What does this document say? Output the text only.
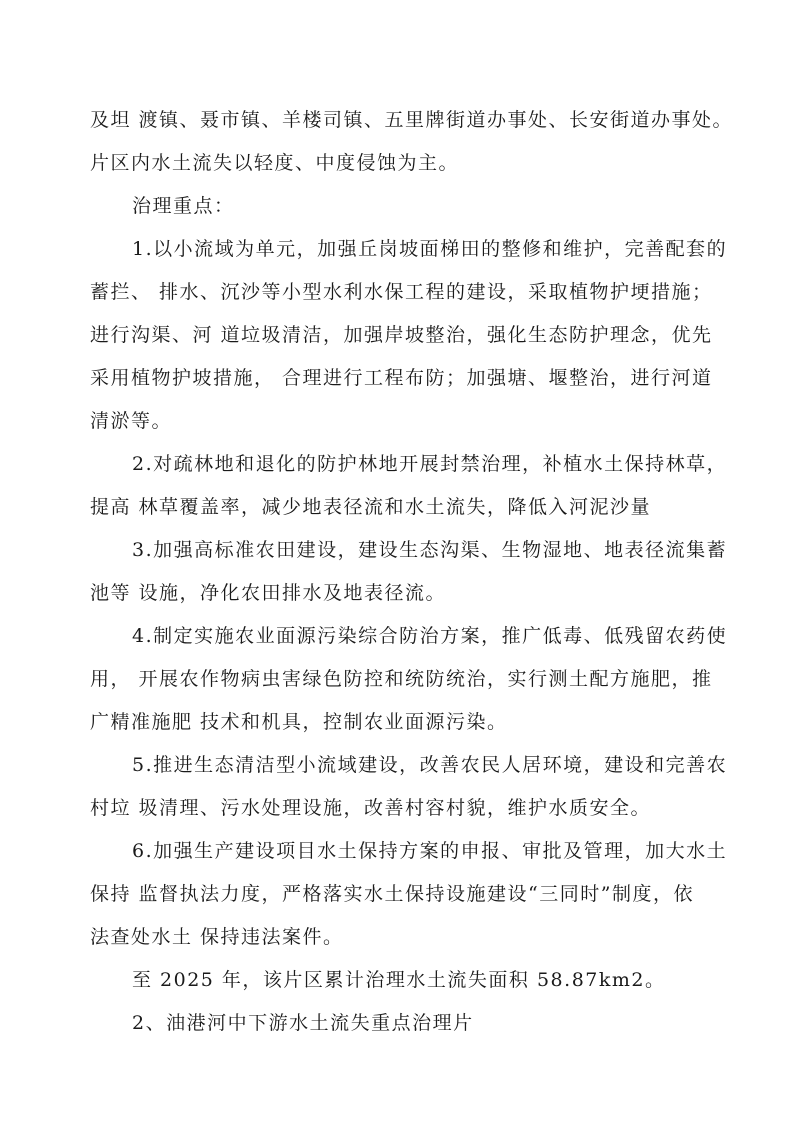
及坦 渡镇、聂市镇、羊楼司镇、五里牌街道办事处、长安街道办事处。
片区内水土流失以轻度、中度侵蚀为主。
治理重点：
1.以小流域为单元，加强丘岗坡面梯田的整修和维护，完善配套的
蓄拦、 排水、沉沙等小型水利水保工程的建设，采取植物护埂措施；
进行沟渠、河 道垃圾清洁，加强岸坡整治，强化生态防护理念，优先
采用植物护坡措施， 合理进行工程布防；加强塘、堰整治，进行河道
清淤等。
2.对疏林地和退化的防护林地开展封禁治理，补植水土保持林草，
提高 林草覆盖率，减少地表径流和水土流失，降低入河泥沙量
3.加强高标准农田建设，建设生态沟渠、生物湿地、地表径流集蓄
池等 设施，净化农田排水及地表径流。
4.制定实施农业面源污染综合防治方案，推广低毒、低残留农药使
用， 开展农作物病虫害绿色防控和统防统治，实行测土配方施肥，推
广精准施肥 技术和机具，控制农业面源污染。
5.推进生态清洁型小流域建设，改善农民人居环境，建设和完善农
村垃 圾清理、污水处理设施，改善村容村貌，维护水质安全。
6.加强生产建设项目水土保持方案的申报、审批及管理，加大水土
保持 监督执法力度，严格落实水土保持设施建设“三同时”制度，依
法查处水土 保持违法案件。
至 2025 年，该片区累计治理水土流失面积 58.87km2。
2、油港河中下游水土流失重点治理片
